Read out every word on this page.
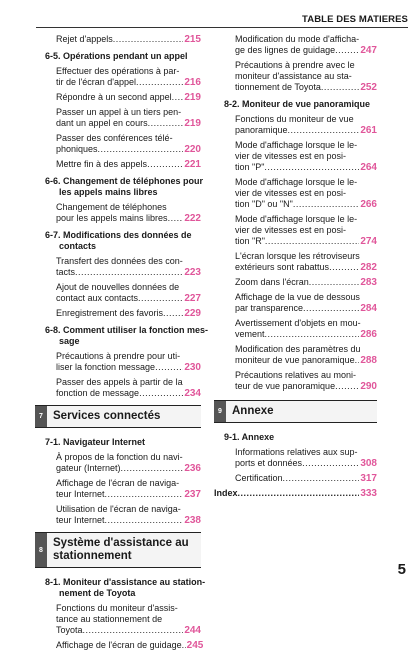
TABLE DES MATIERES
Rejet d'appels .....	215
6-5. Opérations pendant un appel
Effectuer des opérations à par-
tir de l'écran d'appel .....	216
Répondre à un second appel ..... 219
Passer un appel à un tiers pen-
dant un appel en cours .....	219
Passer des conférences télé-
phoniques .....	220
Mettre fin à des appels .....	221
6-6. Changement de téléphones pour
les appels mains libres
Changement de téléphones
pour les appels mains libres ..... 222
6-7. Modifications des données de
contacts
Transfert des données des con-
tacts .....	223
Ajout de nouvelles données de
contact aux contacts .....	227
Enregistrement des favoris ..... 229
6-8. Comment utiliser la fonction mes-
sage
Précautions à prendre pour uti-
liser la fonction message .....	230
Passer des appels à partir de la
fonction de message .....	234
7 Services connectés
7-1. Navigateur Internet
À propos de la fonction du navi-
gateur (Internet) .....	236
Affichage de l'écran de naviga-
teur Internet .....	237
Utilisation de l'écran de naviga-
teur Internet .....	238
8
Système d'assistance au stationnement
8-1. Moniteur d'assistance au station-
nement de Toyota
Fonctions du moniteur d'assis-
tance au stationnement de
Toyota .....	244
Affichage de l'écran de guidage ..... 245
Modification du mode d'afficha-
ge des lignes de guidage .....	247
Précautions à prendre avec le
moniteur d'assistance au sta-
tionnement de Toyota .....	252
8-2. Moniteur de vue panoramique
Fonctions du moniteur de vue
panoramique .....	261
Mode d'affichage lorsque le le-
vier de vitesses est en posi-
tion "P" .....	264
Mode d'affichage lorsque le le-
vier de vitesses est en posi-
tion "D" ou "N" .....	266
Mode d'affichage lorsque le le-
vier de vitesses est en posi-
tion "R" .....	274
L'écran lorsque les rétroviseurs
extérieurs sont rabattus .....	282
Zoom dans l'écran .....	283
Affichage de la vue de dessous
par transparence .....	284
Avertissement d'objets en mou-
vement .....	286
Modification des paramètres du
moniteur de vue panoramique ..... 288
Précautions relatives au moni-
teur de vue panoramique .....	290
9 Annexe
9-1. Annexe
Informations relatives aux sup-
ports et données .....	308
Certification .....	317
Index .....	333
5
